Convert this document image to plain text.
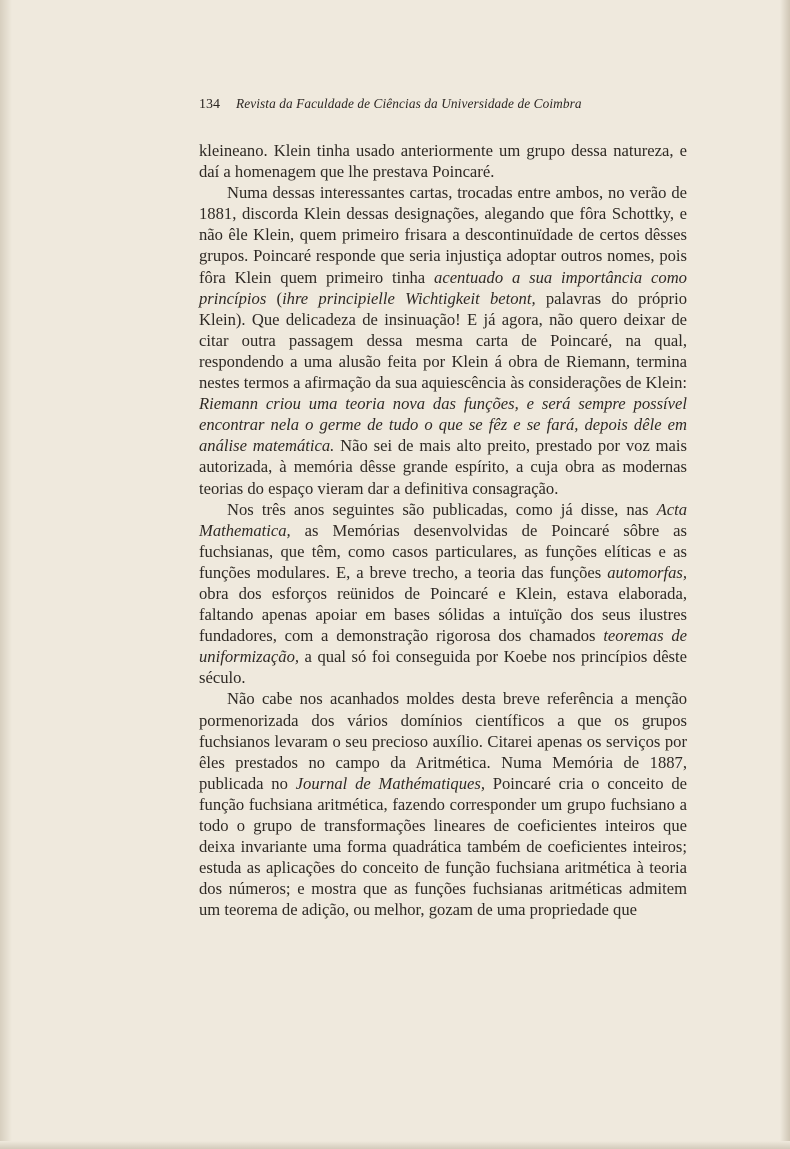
134 Revista da Faculdade de Ciências da Universidade de Coimbra

kleineano. Klein tinha usado anteriormente um grupo dessa natureza, e daí a homenagem que lhe prestava Poincaré.

Numa dessas interessantes cartas, trocadas entre ambos, no verão de 1881, discorda Klein dessas designações, alegando que fôra Schottky, e não êle Klein, quem primeiro frisara a descontinuïdade de certos dêsses grupos. Poincaré responde que seria injustiça adoptar outros nomes, pois fôra Klein quem primeiro tinha acentuado a sua importância como princípios (ihre principielle Wichtigkeit betont, palavras do próprio Klein). Que delicadeza de insinuação! E já agora, não quero deixar de citar outra passagem dessa mesma carta de Poincaré, na qual, respondendo a uma alusão feita por Klein á obra de Riemann, termina nestes termos a afirmação da sua aquiescência às considerações de Klein: Riemann criou uma teoria nova das funções, e será sempre possível encontrar nela o germe de tudo o que se fêz e se fará, depois dêle em análise matemática. Não sei de mais alto preito, prestado por voz mais autorizada, à memória dêsse grande espírito, a cuja obra as modernas teorias do espaço vieram dar a definitiva consagração.

Nos três anos seguintes são publicadas, como já disse, nas Acta Mathematica, as Memórias desenvolvidas de Poincaré sôbre as fuchsianas, que têm, como casos particulares, as funções elíticas e as funções modulares. E, a breve trecho, a teoria das funções automorfas, obra dos esforços reünidos de Poincaré e Klein, estava elaborada, faltando apenas apoiar em bases sólidas a intuïção dos seus ilustres fundadores, com a demonstração rigorosa dos chamados teoremas de uniformização, a qual só foi conseguida por Koebe nos princípios dêste século.

Não cabe nos acanhados moldes desta breve referência a menção pormenorizada dos vários domínios científicos a que os grupos fuchsianos levaram o seu precioso auxílio. Citarei apenas os serviços por êles prestados no campo da Aritmética. Numa Memória de 1887, publicada no Journal de Mathématiques, Poincaré cria o conceito de função fuchsiana aritmética, fazendo corresponder um grupo fuchsiano a todo o grupo de transformações lineares de coeficientes inteiros que deixa invariante uma forma quadrática também de coeficientes inteiros; estuda as aplicações do conceito de função fuchsiana aritmética à teoria dos números; e mostra que as funções fuchsianas aritméticas admitem um teorema de adição, ou melhor, gozam de uma propriedade que
